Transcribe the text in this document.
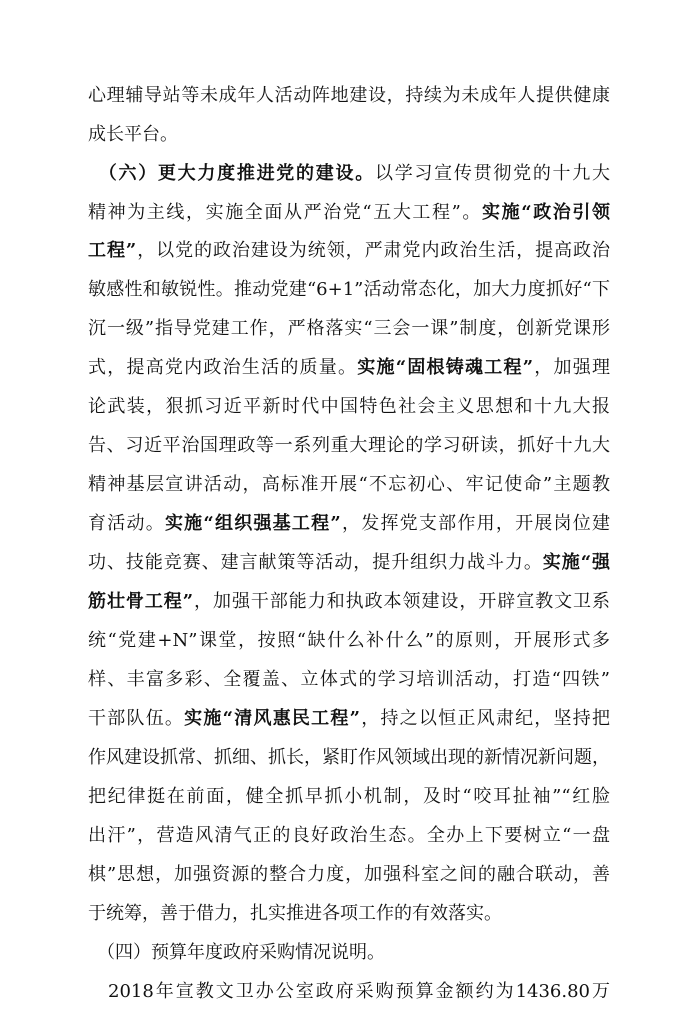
心理辅导站等未成年人活动阵地建设，持续为未成年人提供健康
成长平台。
　（六）更大力度推进党的建设。以学习宣传贯彻党的十九大
精神为主线，实施全面从严治党“五大工程”。实施“政治引领
工程”，以党的政治建设为统领，严肃党内政治生活，提高政治
敏感性和敏锐性。推动党建“6+1”活动常态化，加大力度抓好“下
沉一级”指导党建工作，严格落实“三会一课”制度，创新党课形
式，提高党内政治生活的质量。实施“固根铸魂工程”，加强理
论武装，狠抓习近平新时代中国特色社会主义思想和十九大报
告、习近平治国理政等一系列重大理论的学习研读，抓好十九大
精神基层宣讲活动，高标准开展“不忘初心、牢记使命”主题教
育活动。实施“组织强基工程”，发挥党支部作用，开展岗位建
功、技能竞赛、建言献策等活动，提升组织力战斗力。实施“强
筋壮骨工程”，加强干部能力和执政本领建设，开辟宣教文卫系
统“党建+N”课堂，按照“缺什么补什么”的原则，开展形式多
样、丰富多彩、全覆盖、立体式的学习培训活动，打造“四铁”
干部队伍。实施“清风惠民工程”，持之以恒正风肃纪，坚持把
作风建设抓常、抓细、抓长，紧盯作风领域出现的新情况新问题，
把纪律挺在前面，健全抓早抓小机制，及时“咬耳扯袖”“红脸
出汗”，营造风清气正的良好政治生态。全办上下要树立“一盘
棋”思想，加强资源的整合力度，加强科室之间的融合联动，善
于统筹，善于借力，扎实推进各项工作的有效落实。
　（四）预算年度政府采购情况说明。
　2018年宣教文卫办公室政府采购预算金额约为1436.80万
